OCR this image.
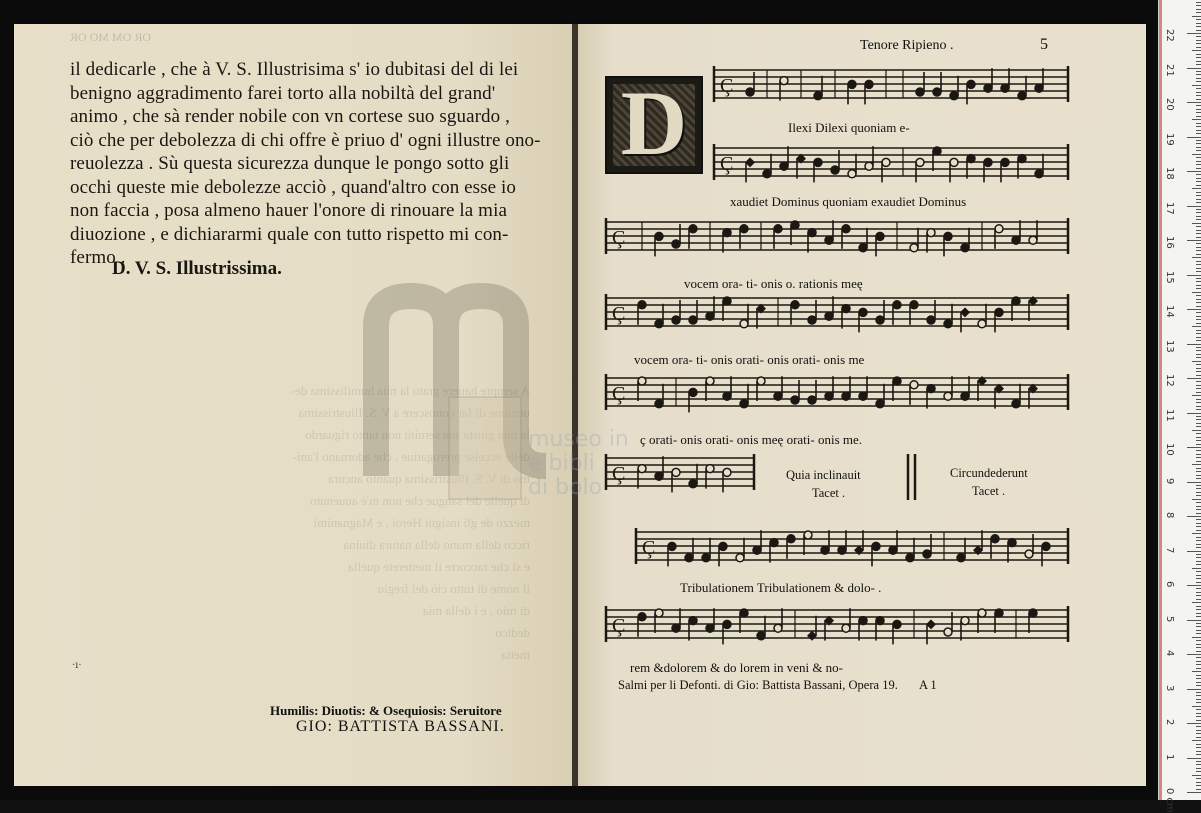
OR OM MO OR
A sempre hauere grato la mia humilissima de-
uozione di far conoscere a V. S. Illustrissima
la mia giusta sua seruitù non tanto riguardo
delle eccelse prerogatiue , che adornano l'ani-
mo di V. S. Illustrissima quanto ancora
di quelle del sangue che non m'è auuenuto
mezzo de gli insigni Heroi , e Magnanimi
ricco della mano della natura diuina
e sì che raccorre il metterete quella
il nome di tutto ciò del fregio
di mio , e i della mia
dedico
metta
il dedicarle , che à V. S. Illustrisima s' io dubitasi del di lei
benigno aggradimento farei torto alla nobiltà del grand'
animo , che sà render nobile con vn cortese suo sguardo ,
ciò che per debolezza di chi offre è priuo d' ogni illustre ono-
reuolezza . Sù questa sicurezza dunque le pongo sotto gli
occhi queste mie debolezze acciò , quand'altro con esse io
non faccia , posa almeno hauer l'onore di rinouare la mia
diuozione , e dichiararmi quale con tutto rispetto mi con-
fermo .
D. V. S. Illustrissima.
·ı·
Humilis: Diuotis: & Osequiosis: Seruitore
GIO: BATTISTA BASSANI.
Tenore Ripieno .	5
D	Ç
Ç
Ç
Ç
Ç
Ç
Ç
Ç
Ilexi Dilexi quoniam e-
xaudiet Dominus quoniam exaudiet Dominus
vocem ora- ti- onis o. rationis meę
vocem ora- ti- onis orati- onis orati- onis me
ç orati- onis orati- onis meę orati- onis me.
Tribulationem Tribulationem & dolo- .
rem &dolorem & do lorem in veni & no-
Quia inclinauit
Tacet .
Circundederunt
Tacet .
Salmi per li Defonti. di Gio: Battista Bassani, Opera 19. A 1
museo in
e bibli
di bolo
22
21
20
19
18
17
16
15
14
13
12
11
10
9
8
7
6
5
4
3
2
1
0 cm
